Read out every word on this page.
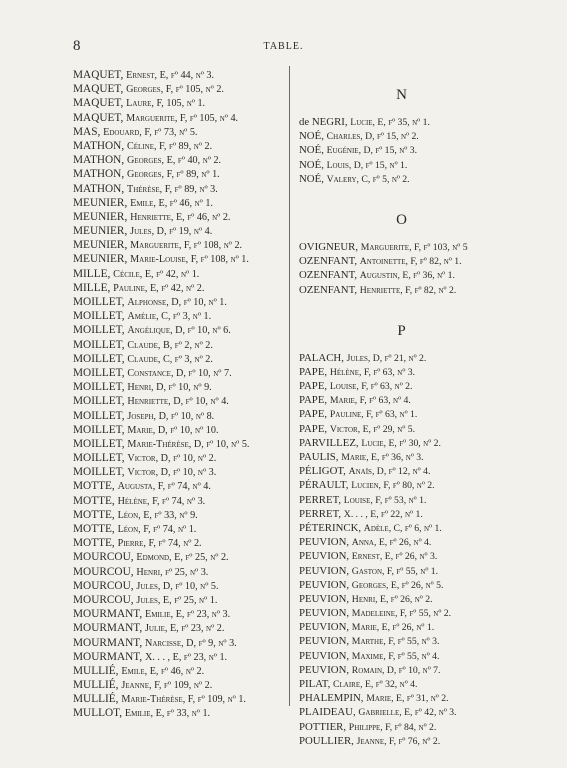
8	TABLE.
MAQUET, Ernest, E, fº 44, nº 3.
MAQUET, Georges, F, fº 105, nº 2.
MAQUET, Laure, F, 105, nº 1.
MAQUET, Marguerite, F, fº 105, nº 4.
MAS, Edouard, F, fº 73, nº 5.
MATHON, Céline, F, fº 89, nº 2.
MATHON, Georges, E, fº 40, nº 2.
MATHON, Georges, F, fº 89, nº 1.
MATHON, Thérèse, F, fº 89, nº 3.
MEUNIER, Emile, E, fº 46, nº 1.
MEUNIER, Henriette, E, fº 46, nº 2.
MEUNIER, Jules, D, fº 19, nº 4.
MEUNIER, Marguerite, F, fº 108, nº 2.
MEUNIER, Marie-Louise, F, fº 108, nº 1.
MILLE, Cécile, E, fº 42, nº 1.
MILLE, Pauline, E, fº 42, nº 2.
MOILLET, Alphonse, D, fº 10, nº 1.
MOILLET, Amélie, C, fº 3, nº 1.
MOILLET, Angélique, D, fº 10, nº 6.
MOILLET, Claude, B, fº 2, nº 2.
MOILLET, Claude, C, fº 3, nº 2.
MOILLET, Constance, D, fº 10, nº 7.
MOILLET, Henri, D, fº 10, nº 9.
MOILLET, Henriette, D, fº 10, nº 4.
MOILLET, Joseph, D, fº 10, nº 8.
MOILLET, Marie, D, fº 10, nº 10.
MOILLET, Marie-Thérèse, D, fº 10, nº 5.
MOILLET, Victor, D, fº 10, nº 2.
MOILLET, Victor, D, fº 10, nº 3.
MOTTE, Augusta, F, fº 74, nº 4.
MOTTE, Hélène, F, fº 74, nº 3.
MOTTE, Léon, E, fº 33, nº 9.
MOTTE, Léon, F, fº 74, nº 1.
MOTTE, Pierre, F, fº 74, nº 2.
MOURCOU, Edmond, E, fº 25, nº 2.
MOURCOU, Henri, fº 25, nº 3.
MOURCOU, Jules, D, fº 10, nº 5.
MOURCOU, Jules, E, fº 25, nº 1.
MOURMANT, Emilie, E, fº 23, nº 3.
MOURMANT, Julie, E, fº 23, nº 2.
MOURMANT, Narcisse, D, fº 9, nº 3.
MOURMANT, X. . . , E, fº 23, nº 1.
MULLIÉ, Emile, E, fº 46, nº 2.
MULLIÉ, Jeanne, F, fº 109, nº 2.
MULLIÉ, Marie-Thérèse, F, fº 109, nº 1.
MULLOT, Emilie, E, fº 33, nº 1.
N
de NEGRI, Lucie, E, fº 35, nº 1.
NOÉ, Charles, D, fº 15, nº 2.
NOÉ, Eugénie, D, fº 15, nº 3.
NOÉ, Louis, D, fº 15, nº 1.
NOÉ, Valery, C, fº 5, nº 2.
O
OVIGNEUR, Marguerite, F, fº 103, nº 5
OZENFANT, Antoinette, F, fº 82, nº 1.
OZENFANT, Augustin, E, fº 36, nº 1.
OZENFANT, Henriette, F, fº 82, nº 2.
P
PALACH, Jules, D, fº 21, nº 2.
PAPE, Hélène, F, fº 63, nº 3.
PAPE, Louise, F, fº 63, nº 2.
PAPE, Marie, F, fº 63, nº 4.
PAPE, Pauline, F, fº 63, nº 1.
PAPE, Victor, E, fº 29, nº 5.
PARVILLEZ, Lucie, E, fº 30, nº 2.
PAULIS, Marie, E, fº 36, nº 3.
PÉLIGOT, Anaïs, D, fº 12, nº 4.
PÉRAULT, Lucien, F, fº 80, nº 2.
PERRET, Louise, F, fº 53, nº 1.
PERRET, X. . . , E, fº 22, nº 1.
PÉTERINCK, Adèle, C, fº 6, nº 1.
PEUVION, Anna, E, fº 26, nº 4.
PEUVION, Ernest, E, fº 26, nº 3.
PEUVION, Gaston, F, fº 55, nº 1.
PEUVION, Georges, E, fº 26, nº 5.
PEUVION, Henri, E, fº 26, nº 2.
PEUVION, Madeleine, F, fº 55, nº 2.
PEUVION, Marie, E, fº 26, nº 1.
PEUVION, Marthe, F, fº 55, nº 3.
PEUVION, Maxime, F, fº 55, nº 4.
PEUVION, Romain, D, fº 10, nº 7.
PILAT, Claire, E, fº 32, nº 4.
PHALEMPIN, Marie, E, fº 31, nº 2.
PLAIDEAU, Gabrielle, E, fº 42, nº 3.
POTTIER, Philippe, F, fº 84, nº 2.
POULLIER, Jeanne, F, fº 76, nº 2.
